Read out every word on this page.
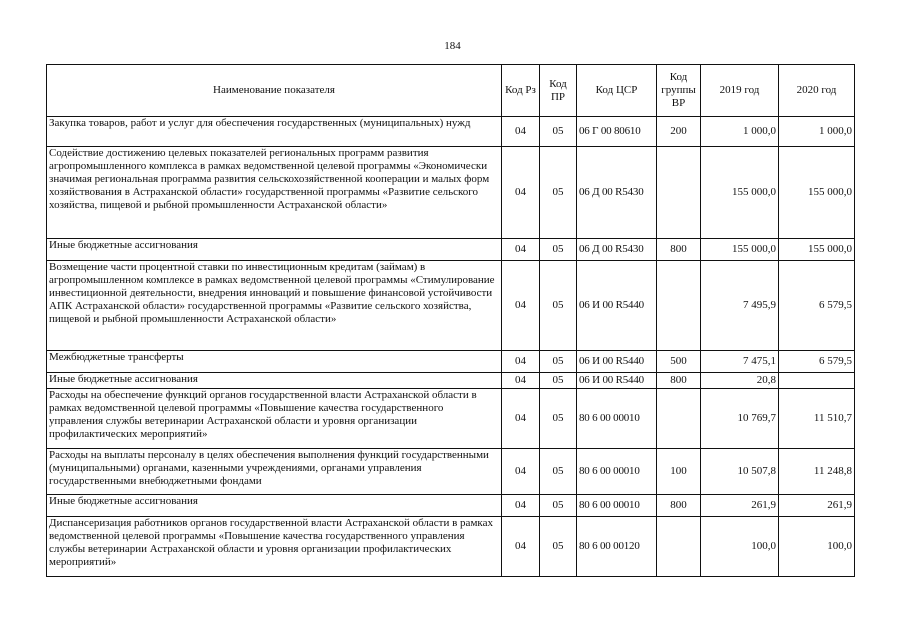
184
Наименование показателя	Код Рз	Код ПР	Код ЦСР	Код группы ВР	2019 год	2020 год
Закупка товаров, работ и услуг для обеспечения государственных (муниципальных) нужд	04	05	06 Г 00 80610	200	1 000,0	1 000,0
Содействие достижению целевых показателей региональных программ развития агропромышленного комплекса в рамках ведомственной целевой программы «Экономически значимая региональная программа развития сельскохозяйственной кооперации и малых форм хозяйствования в Астраханской области» государственной программы «Развитие сельского хозяйства, пищевой и рыбной промышленности Астраханской области»	04	05	06 Д 00 R5430		155 000,0	155 000,0
Иные бюджетные ассигнования	04	05	06 Д 00 R5430	800	155 000,0	155 000,0
Возмещение части процентной ставки по инвестиционным кредитам (займам) в агропромышленном комплексе в рамках ведомственной целевой программы «Стимулирование инвестиционной деятельности, внедрения инноваций и повышение финансовой устойчивости АПК Астраханской области» государственной программы «Развитие сельского хозяйства, пищевой и рыбной промышленности Астраханской области»	04	05	06 И 00 R5440		7 495,9	6 579,5
Межбюджетные трансферты	04	05	06 И 00 R5440	500	7 475,1	6 579,5
Иные бюджетные ассигнования	04	05	06 И 00 R5440	800	20,8	
Расходы на обеспечение функций органов государственной власти Астраханской области в рамках ведомственной целевой программы «Повышение качества государственного управления службы ветеринарии Астраханской области и уровня организации профилактических мероприятий»	04	05	80 6 00 00010		10 769,7	11 510,7
Расходы на выплаты персоналу в целях обеспечения выполнения функций государственными (муниципальными) органами, казенными учреждениями, органами управления государственными внебюджетными фондами	04	05	80 6 00 00010	100	10 507,8	11 248,8
Иные бюджетные ассигнования	04	05	80 6 00 00010	800	261,9	261,9
Диспансеризация работников органов государственной власти Астраханской области в рамках ведомственной целевой программы «Повышение качества государственного управления службы ветеринарии Астраханской области и уровня организации профилактических мероприятий»	04	05	80 6 00 00120		100,0	100,0
